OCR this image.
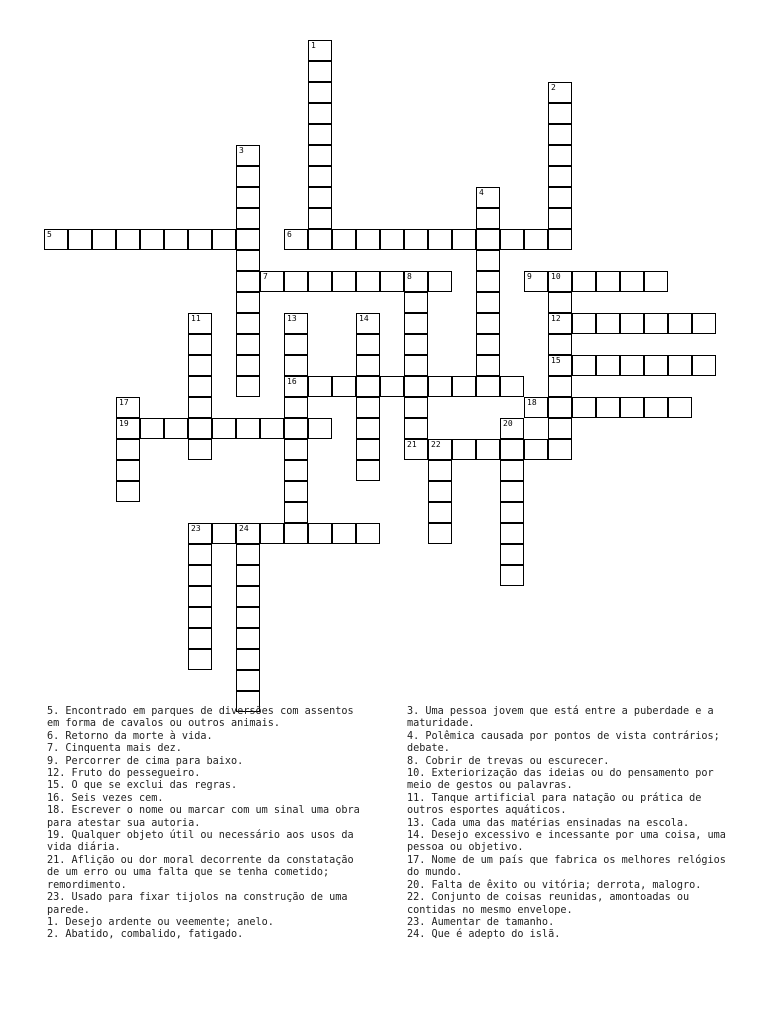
5	6
7	8	9 10
12
15
16
18
19
21 22
23	24
1
2
3
4
11	13	14
17
20
5. Encontrado em parques de diversões com assentos em forma de cavalos ou outros animais.
6. Retorno da morte à vida.
7. Cinquenta mais dez.
9. Percorrer de cima para baixo.
12. Fruto do pessegueiro.
15. O que se exclui das regras.
16. Seis vezes cem.
18. Escrever o nome ou marcar com um sinal uma obra para atestar sua autoria.
19. Qualquer objeto útil ou necessário aos usos da vida diária.
21. Aflição ou dor moral decorrente da constatação de um erro ou uma falta que se tenha cometido; remordimento.
23. Usado para fixar tijolos na construção de uma parede.
1. Desejo ardente ou veemente; anelo.
2. Abatido, combalido, fatigado.
3. Uma pessoa jovem que está entre a puberdade e a maturidade.
4. Polêmica causada por pontos de vista contrários; debate.
8. Cobrir de trevas ou escurecer.
10. Exteriorização das ideias ou do pensamento por meio de gestos ou palavras.
11. Tanque artificial para natação ou prática de outros esportes aquáticos.
13. Cada uma das matérias ensinadas na escola.
14. Desejo excessivo e incessante por uma coisa, uma pessoa ou objetivo.
17. Nome de um país que fabrica os melhores relógios do mundo.
20. Falta de êxito ou vitória; derrota, malogro.
22. Conjunto de coisas reunidas, amontoadas ou contidas no mesmo envelope.
23. Aumentar de tamanho.
24. Que é adepto do islã.
